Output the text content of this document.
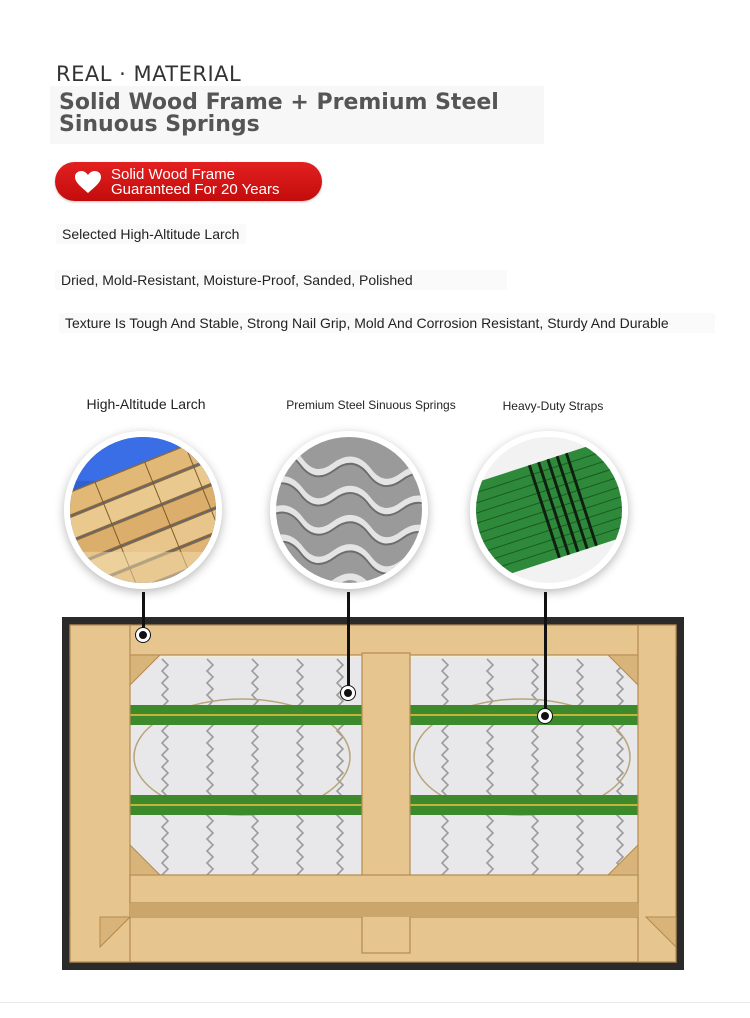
REAL · MATERIAL
Solid Wood Frame + Premium Steel
Sinuous Springs
Solid Wood Frame
Guaranteed For 20 Years
Selected High-Altitude Larch
Dried, Mold-Resistant, Moisture-Proof, Sanded, Polished
Texture Is Tough And Stable, Strong Nail Grip, Mold And Corrosion Resistant, Sturdy And Durable
High-Altitude Larch	Premium Steel Sinuous Springs	Heavy-Duty Straps
